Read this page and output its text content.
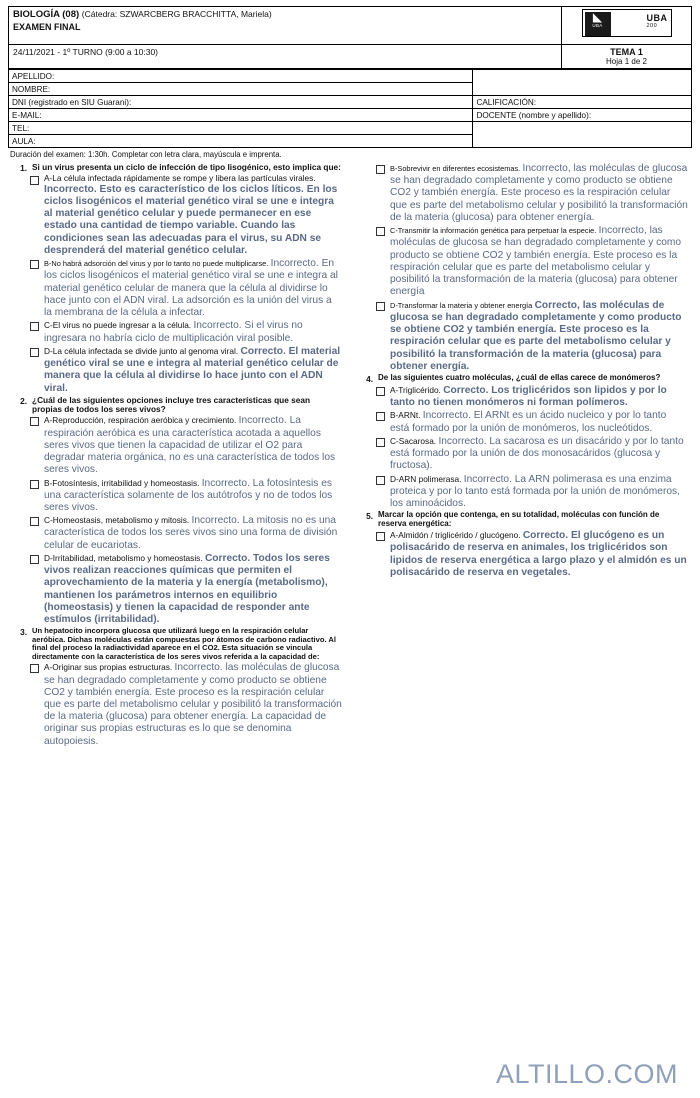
BIOLOGÍA (08) (Cátedra: SZWARCBERG BRACCHITTA, Mariela)
EXAMEN FINAL

◣
UBA
UBA
200

24/11/2021 - 1º TURNO (9:00 a 10:30)	TEMA 1
Hoja 1 de 2
APELLIDO:	
NOMBRE:	
DNI (registrado en SIU Guarani):	CALIFICACIÓN:
E-MAIL:	DOCENTE (nombre y apellido):
TEL:	
AULA:	
Duración del examen: 1:30h. Completar con letra clara, mayúscula e imprenta.
1. Si un virus presenta un ciclo de infección de tipo lisogénico, esto implica que:
A-La célula infectada rápidamente se rompe y libera las partículas virales. Incorrecto. Esto es característico de los ciclos líticos. En los ciclos lisogénicos el material genético viral se une e integra al material genético celular y puede permanecer en ese estado una cantidad de tiempo variable. Cuando las condiciones sean las adecuadas para el virus, su ADN se desprenderá del material genético celular.
B-No habrá adsorción del virus y por lo tanto no puede multiplicarse. Incorrecto. En los ciclos lisogénicos el material genético viral se une e integra al material genético celular de manera que la célula al dividirse lo hace junto con el ADN viral. La adsorción es la unión del virus a la membrana de la célula a infectar.
C-El virus no puede ingresar a la célula. Incorrecto. Si el virus no ingresara no habría ciclo de multiplicación viral posible.
D-La célula infectada se divide junto al genoma viral. Correcto. El material genético viral se une e integra al material genético celular de manera que la célula al dividirse lo hace junto con el ADN viral.
2. ¿Cuál de las siguientes opciones incluye tres características que sean propias de todos los seres vivos?
A-Reproducción, respiración aeróbica y crecimiento. Incorrecto. La respiración aeróbica es una característica acotada a aquellos seres vivos que tienen la capacidad de utilizar el O2 para degradar materia orgánica, no es una característica de todos los seres vivos.
B-Fotosíntesis, irritabilidad y homeostasis. Incorrecto. La fotosíntesis es una característica solamente de los autótrofos y no de todos los seres vivos.
C-Homeostasis, metabolismo y mitosis. Incorrecto. La mitosis no es una característica de todos los seres vivos sino una forma de división celular de eucariotas.
D-Irritabilidad, metabolismo y homeostasis. Correcto. Todos los seres vivos realizan reacciones químicas que permiten el aprovechamiento de la materia y la energía (metabolismo), mantienen los parámetros internos en equilibrio (homeostasis) y tienen la capacidad de responder ante estímulos (irritabilidad).
3. Un hepatocito incorpora glucosa que utilizará luego en la respiración celular aeróbica. Dichas moléculas están compuestas por átomos de carbono radiactivo. Al final del proceso la radiactividad aparece en el CO2. Esta situación se vincula directamente con la característica de los seres vivos referida a la capacidad de:
A-Originar sus propias estructuras. Incorrecto. las moléculas de glucosa se han degradado completamente y como producto se obtiene CO2 y también energía. Este proceso es la respiración celular que es parte del metabolismo celular y posibilitó la transformación de la materia (glucosa) para obtener energía. La capacidad de originar sus propias estructuras es lo que se denomina autopoiesis.
B-Sobrevivir en diferentes ecosistemas. Incorrecto, las moléculas de glucosa se han degradado completamente y como producto se obtiene CO2 y también energía. Este proceso es la respiración celular que es parte del metabolismo celular y posibilitó la transformación de la materia (glucosa) para obtener energía.
C-Transmitir la información genética para perpetuar la especie. Incorrecto, las moléculas de glucosa se han degradado completamente y como producto se obtiene CO2 y también energía. Este proceso es la respiración celular que es parte del metabolismo celular y posibilitó la transformación de la materia (glucosa) para obtener energía
D-Transformar la materia y obtener energía Correcto, las moléculas de glucosa se han degradado completamente y como producto se obtiene CO2 y también energía. Este proceso es la respiración celular que es parte del metabolismo celular y posibilitó la transformación de la materia (glucosa) para obtener energía.
4. De las siguientes cuatro moléculas, ¿cuál de ellas carece de monómeros?
A-Triglicérido. Correcto. Los triglicéridos son lipidos y por lo tanto no tienen monómeros ni forman polímeros.
B-ARNt. Incorrecto. El ARNt es un ácido nucleico y por lo tanto está formado por la unión de monómeros, los nucleótidos.
C-Sacarosa. Incorrecto. La sacarosa es un disacárido y por lo tanto está formado por la unión de dos monosacáridos (glucosa y fructosa).
D-ARN polimerasa. Incorrecto. La ARN polimerasa es una enzima proteica y por lo tanto está formada por la unión de monómeros, los aminoácidos.
5. Marcar la opción que contenga, en su totalidad, moléculas con función de reserva energética:
A-Almidón / triglicérido / glucógeno. Correcto. El glucógeno es un polisacárido de reserva en animales, los triglicéridos son lipidos de reserva energética a largo plazo y el almidón es un polisacárido de reserva en vegetales.
ALTILLO.COM
